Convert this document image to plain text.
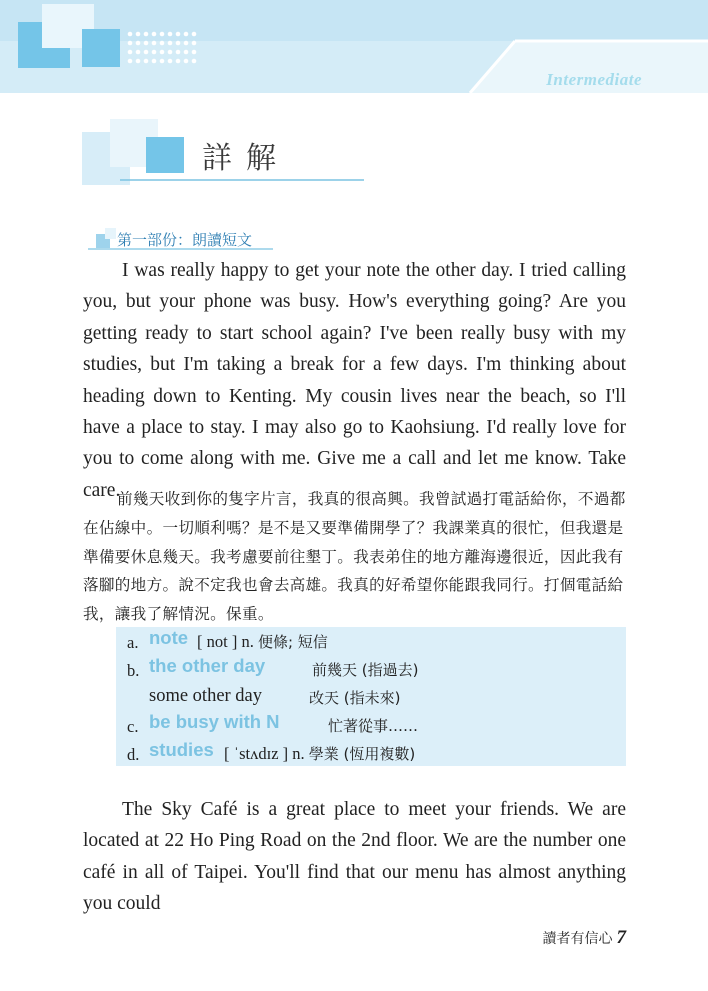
Intermediate
詳解
第一部份：朗讀短文

I was really happy to get your note the other day. I tried calling you, but your phone was busy. How's everything going? Are you getting ready to start school again? I've been really busy with my studies, but I'm taking a break for a few days. I'm thinking about heading down to Kenting. My cousin lives near the beach, so I'll have a place to stay. I may also go to Kaohsiung. I'd really love for you to come along with me. Give me a call and let me know. Take care.

前幾天收到你的隻字片言，我真的很高興。我曾試過打電話給你，不過都在佔線中。一切順利嗎？是不是又要準備開學了？我課業真的很忙，但我還是準備要休息幾天。我考慮要前往墾丁。我表弟住的地方離海邊很近，因此我有落腳的地方。說不定我也會去高雄。我真的好希望你能跟我同行。打個電話給我，讓我了解情況。保重。

a. note [ not ] n. 便條; 短信
b. the other day	前幾天 (指過去)
some other day	改天 (指未來)
c. be busy with N	忙著從事……
d. studies [ ˈstʌdɪz ] n. 學業 (恆用複數)

The Sky Café is a great place to meet your friends. We are located at 22 Ho Ping Road on the 2nd floor. We are the number one café in all of Taipei. You'll find that our menu has almost anything you could

讀者有信心 7
